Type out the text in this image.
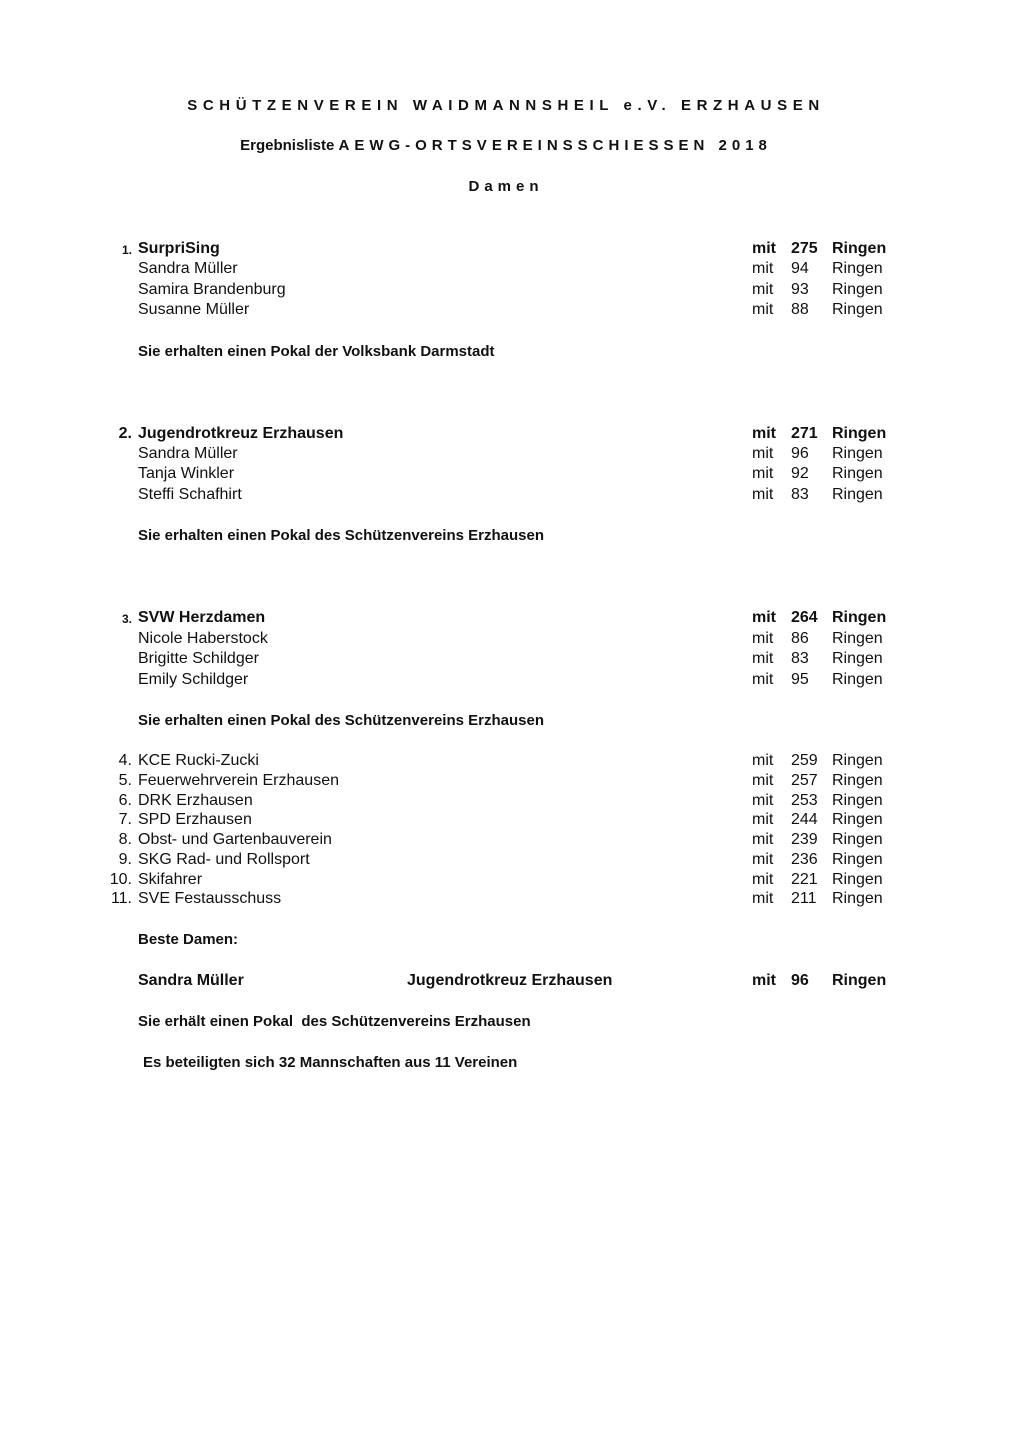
SCHÜTZENVEREIN WAIDMANNSHEIL e.V. ERZHAUSEN
Ergebnisliste AEWG-ORTSVEREINSSCHIESSEN 2018
Damen
1. SurpriSing	mit 275 Ringen
Sandra Müller	mit 94 Ringen
Samira Brandenburg	mit 93 Ringen
Susanne Müller	mit 88 Ringen
Sie erhalten einen Pokal der Volksbank Darmstadt
2. Jugendrotkreuz Erzhausen	mit 271 Ringen
Sandra Müller	mit 96 Ringen
Tanja Winkler	mit 92 Ringen
Steffi Schafhirt	mit 83 Ringen
Sie erhalten einen Pokal des Schützenvereins Erzhausen
3. SVW Herzdamen	mit 264 Ringen
Nicole Haberstock	mit 86 Ringen
Brigitte Schildger	mit 83 Ringen
Emily Schildger	mit 95 Ringen
Sie erhalten einen Pokal des Schützenvereins Erzhausen
4. KCE Rucki-Zucki	mit 259 Ringen
5. Feuerwehrverein Erzhausen	mit 257 Ringen
6. DRK Erzhausen	mit 253 Ringen
7. SPD Erzhausen	mit 244 Ringen
8. Obst- und Gartenbauverein	mit 239 Ringen
9. SKG Rad- und Rollsport	mit 236 Ringen
10. Skifahrer	mit 221 Ringen
11. SVE Festausschuss	mit 211 Ringen
Beste Damen:
Sandra Müller	Jugendrotkreuz Erzhausen	mit 96 Ringen
Sie erhält einen Pokal  des Schützenvereins Erzhausen
Es beteiligten sich 32 Mannschaften aus 11 Vereinen
